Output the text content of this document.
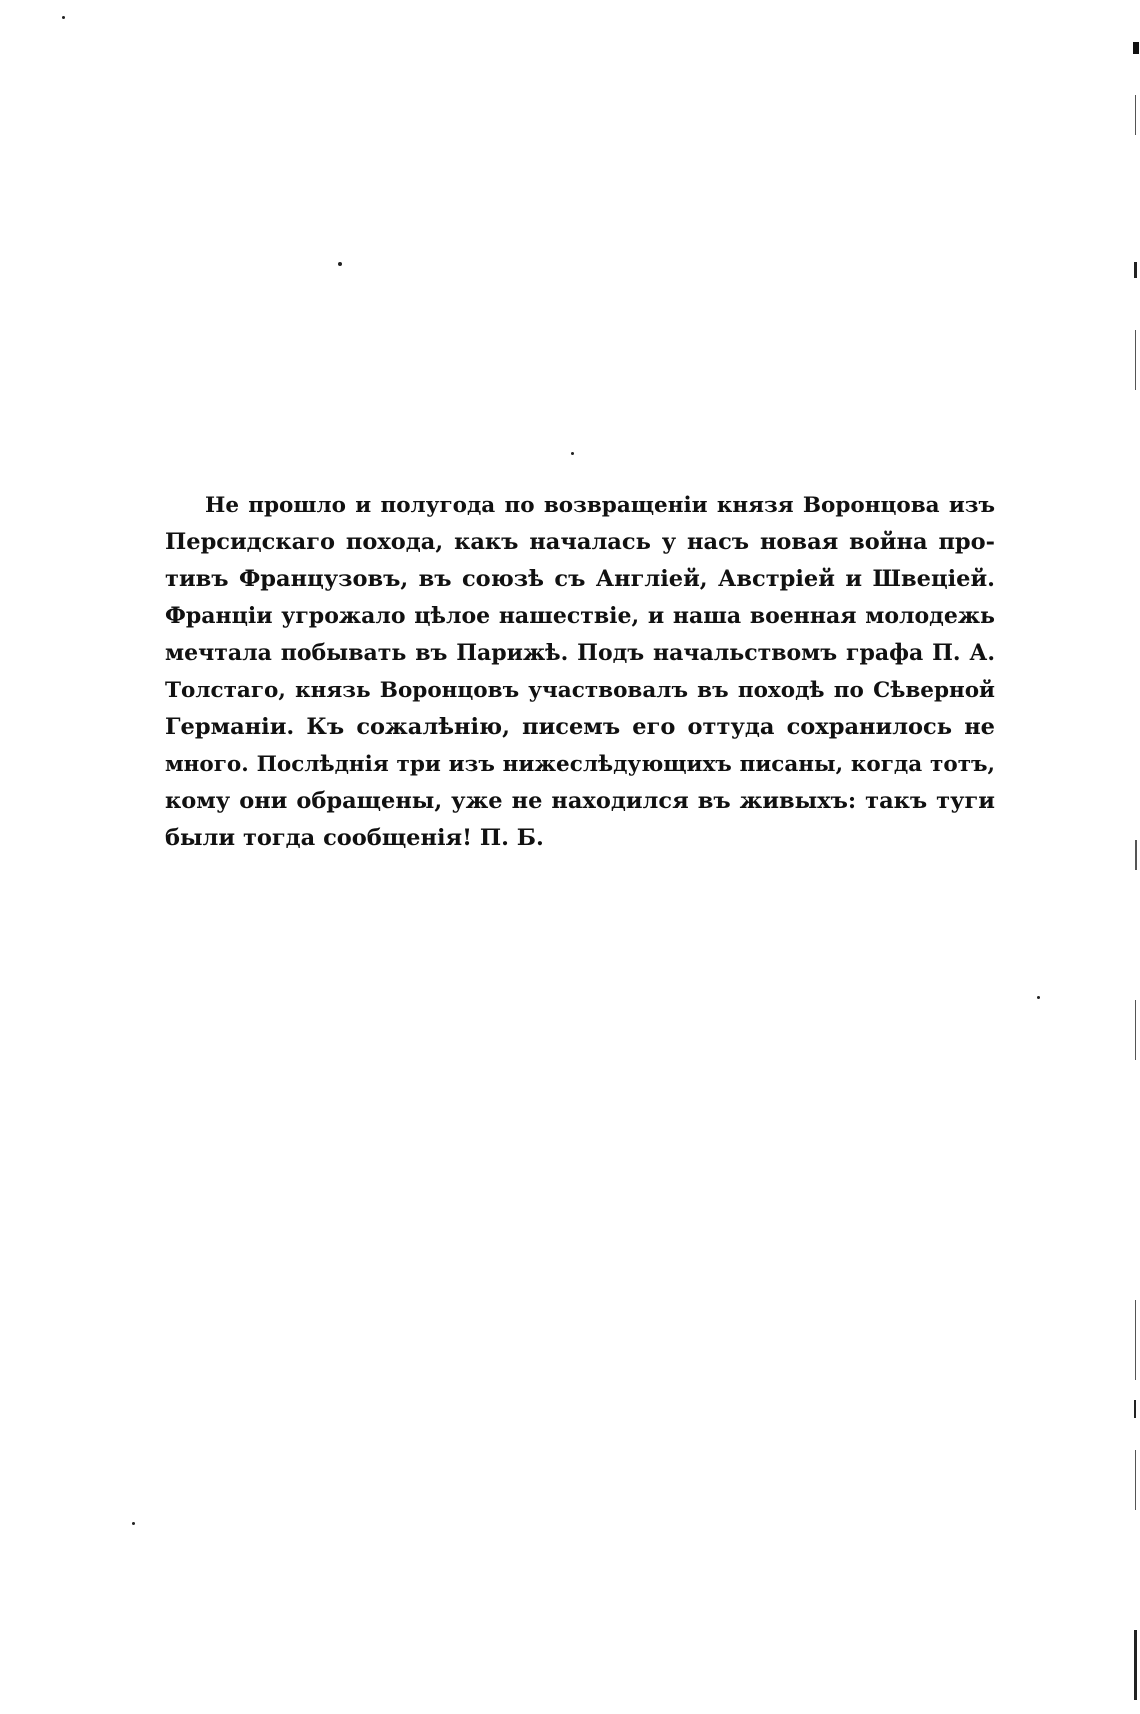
Не прошло и полугода по возвращеніи князя Воронцова изъ
Персидскаго похода, какъ началась у насъ новая война про-
тивъ Французовъ, въ союзѣ съ Англіей, Австріей и Швеціей.
Франціи угрожало цѣлое нашествіе, и наша военная молодежь
мечтала побывать въ Парижѣ. Подъ начальствомъ графа П. А.
Толстаго, князь Воронцовъ участвовалъ въ походѣ по Сѣверной
Германіи. Къ сожалѣнію, писемъ его оттуда сохранилось не
много. Послѣднія три изъ нижеслѣдующихъ писаны, когда тотъ,
кому они обращены, уже не находился въ живыхъ: такъ туги
были тогда сообщенія! П. Б.
